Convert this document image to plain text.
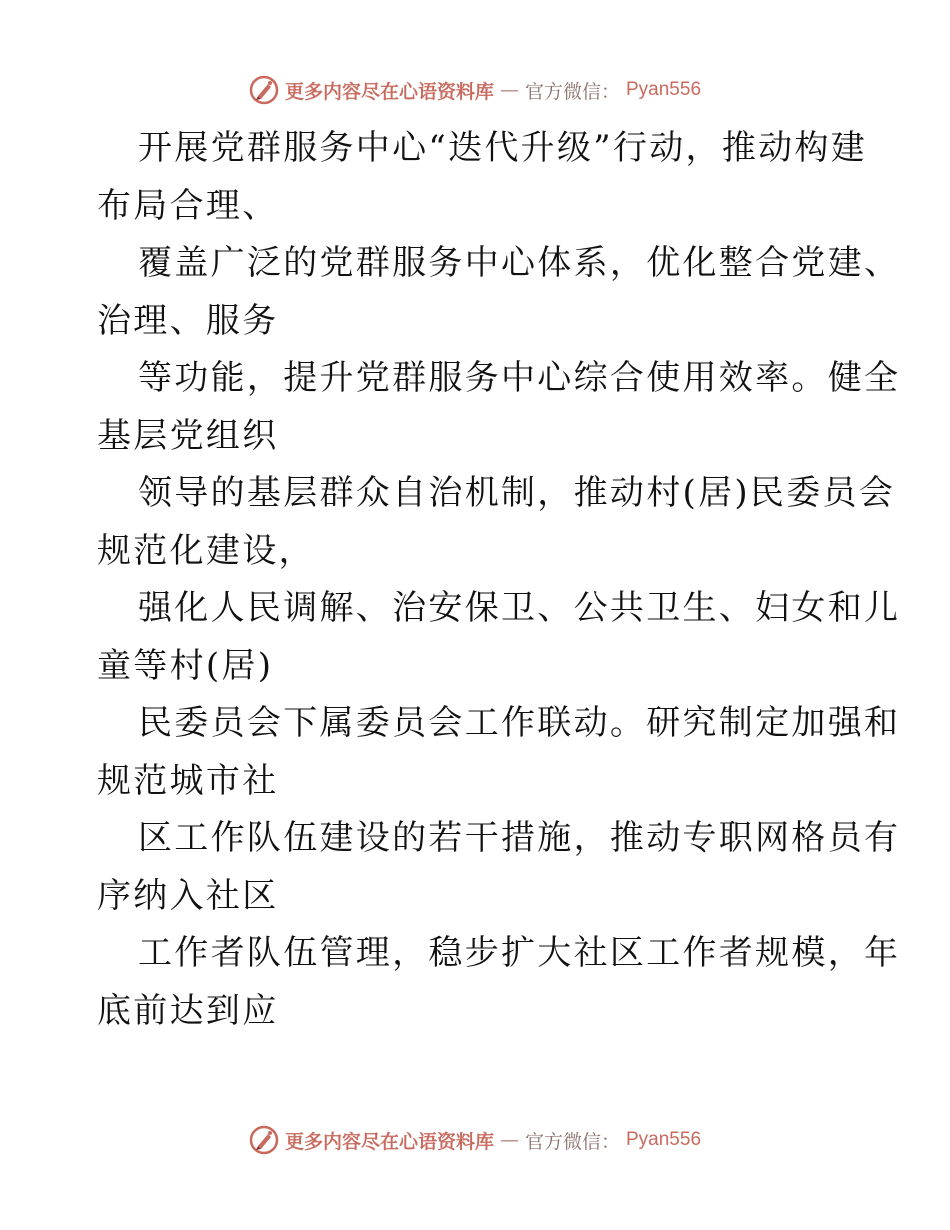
更多内容尽在心语资料库 — 官方微信： Pyan556

开展党群服务中心“迭代升级”行动，推动构建
布局合理、

覆盖广泛的党群服务中心体系，优化整合党建、
治理、服务

等功能，提升党群服务中心综合使用效率。健全
基层党组织

领导的基层群众自治机制，推动村(居)民委员会
规范化建设，

强化人民调解、治安保卫、公共卫生、妇女和儿
童等村(居)

民委员会下属委员会工作联动。研究制定加强和
规范城市社

区工作队伍建设的若干措施，推动专职网格员有
序纳入社区

工作者队伍管理，稳步扩大社区工作者规模，年
底前达到应

更多内容尽在心语资料库 — 官方微信： Pyan556
